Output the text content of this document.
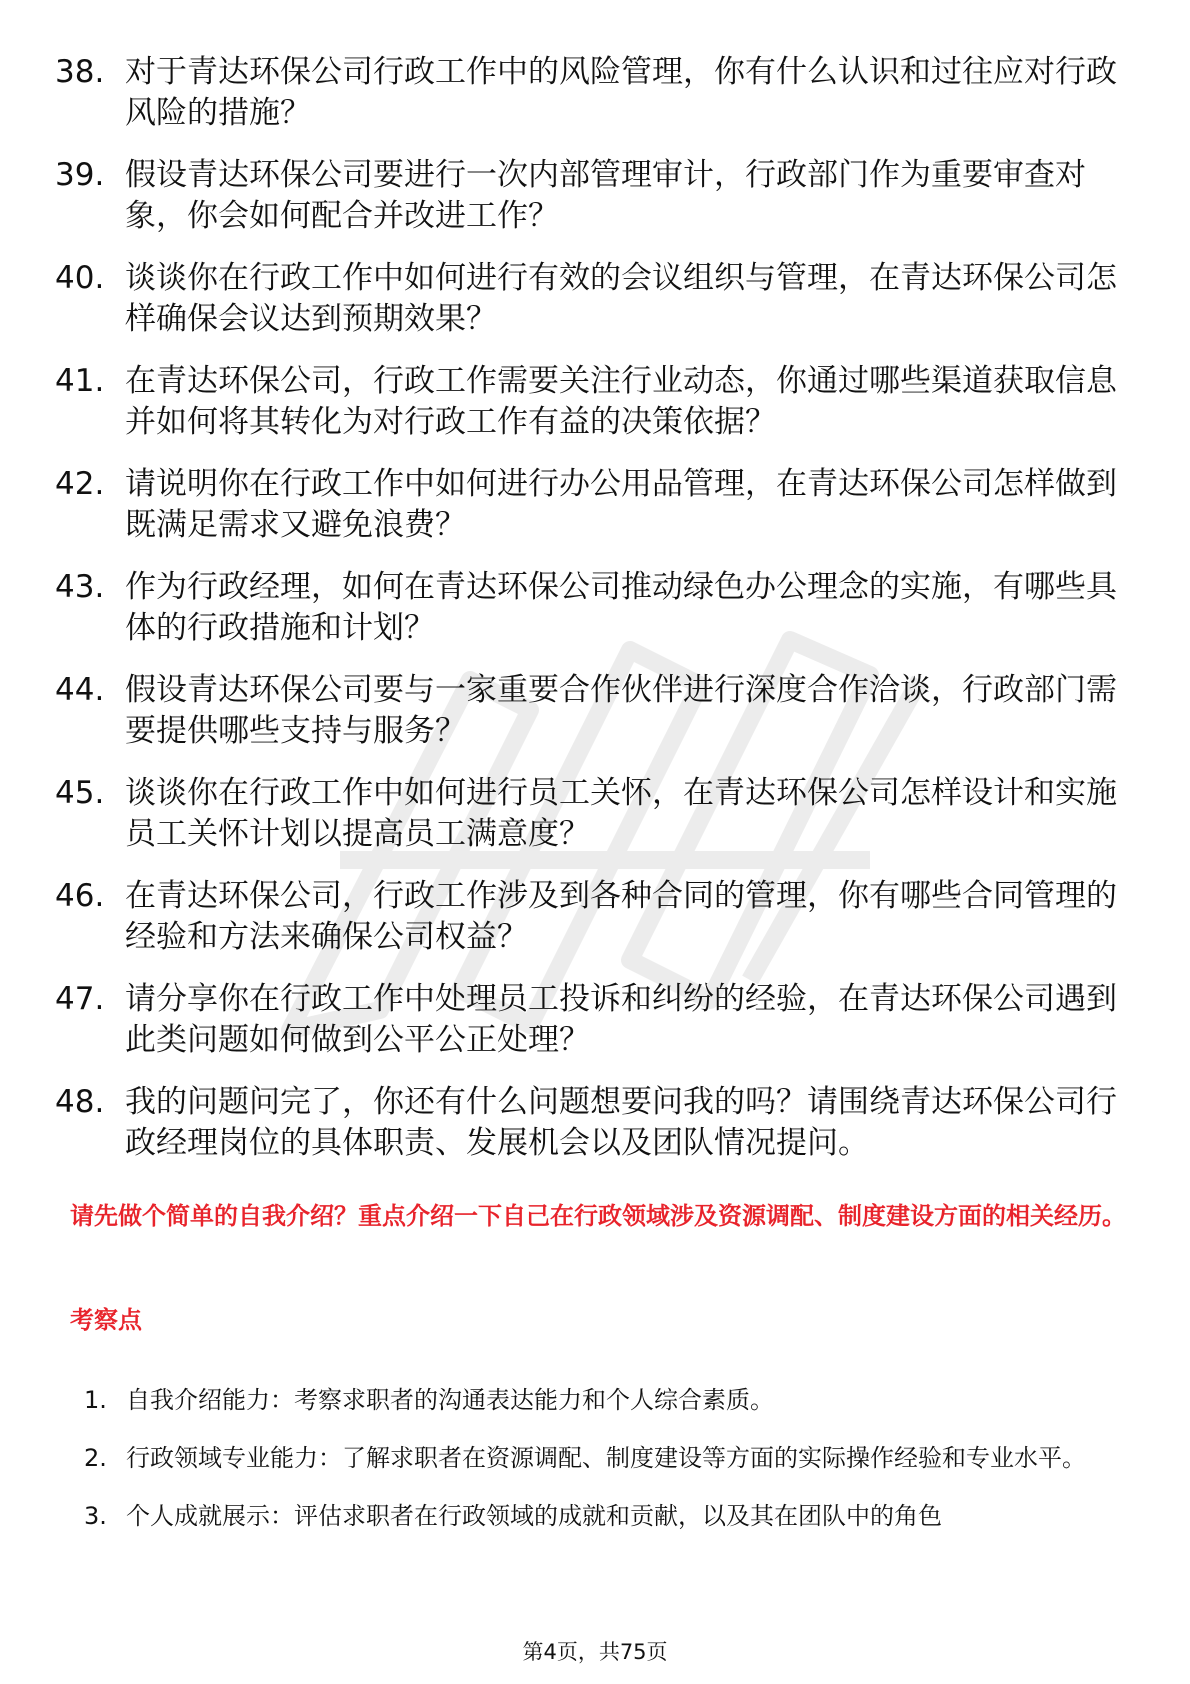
38. 对于青达环保公司行政工作中的风险管理，你有什么认识和过往应对行政风险的措施？
39. 假设青达环保公司要进行一次内部管理审计，行政部门作为重要审查对象，你会如何配合并改进工作？
40. 谈谈你在行政工作中如何进行有效的会议组织与管理，在青达环保公司怎样确保会议达到预期效果？
41. 在青达环保公司，行政工作需要关注行业动态，你通过哪些渠道获取信息并如何将其转化为对行政工作有益的决策依据？
42. 请说明你在行政工作中如何进行办公用品管理，在青达环保公司怎样做到既满足需求又避免浪费？
43. 作为行政经理，如何在青达环保公司推动绿色办公理念的实施，有哪些具体的行政措施和计划？
44. 假设青达环保公司要与一家重要合作伙伴进行深度合作洽谈，行政部门需要提供哪些支持与服务？
45. 谈谈你在行政工作中如何进行员工关怀，在青达环保公司怎样设计和实施员工关怀计划以提高员工满意度？
46. 在青达环保公司，行政工作涉及到各种合同的管理，你有哪些合同管理的经验和方法来确保公司权益？
47. 请分享你在行政工作中处理员工投诉和纠纷的经验，在青达环保公司遇到此类问题如何做到公平公正处理？
48. 我的问题问完了，你还有什么问题想要问我的吗？请围绕青达环保公司行政经理岗位的具体职责、发展机会以及团队情况提问。

请先做个简单的自我介绍？重点介绍一下自己在行政领域涉及资源调配、制度建设方面的相关经历。

考察点
1. 自我介绍能力：考察求职者的沟通表达能力和个人综合素质。
2. 行政领域专业能力：了解求职者在资源调配、制度建设等方面的实际操作经验和专业水平。
3. 个人成就展示：评估求职者在行政领域的成就和贡献，以及其在团队中的角色
第4页，共75页
